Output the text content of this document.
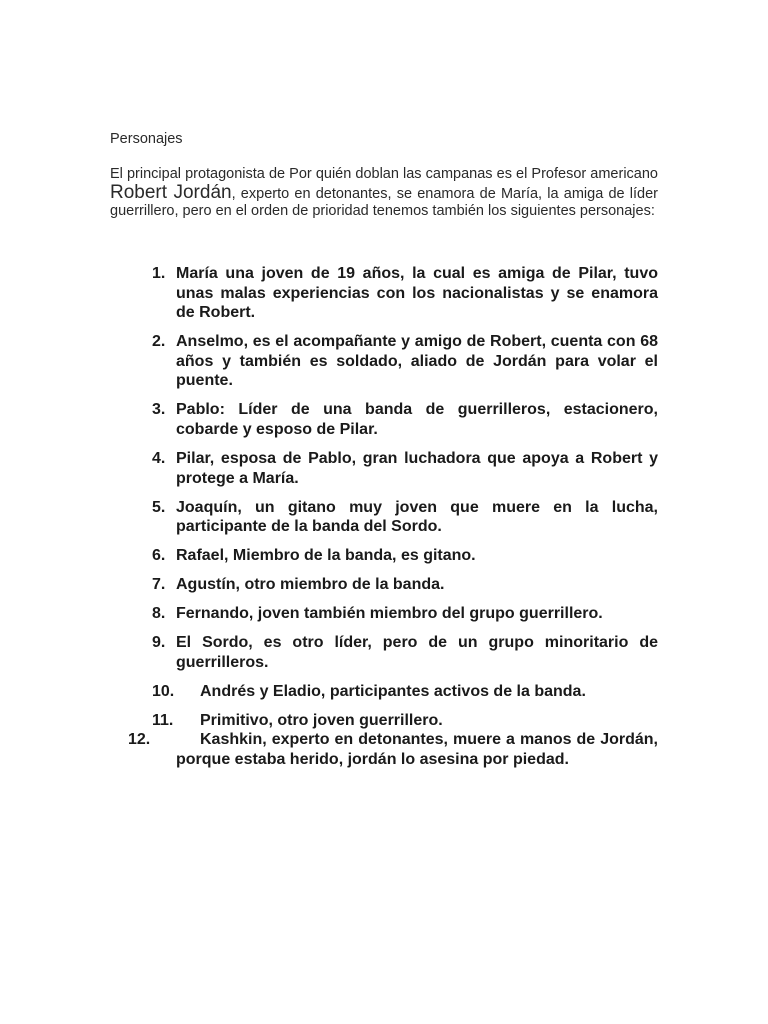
Personajes

El principal protagonista de Por quién doblan las campanas es el Profesor americano Robert Jordán, experto en detonantes, se enamora de María, la amiga de líder guerrillero, pero en el orden de prioridad tenemos también los siguientes personajes:

1. María una joven de 19 años, la cual es amiga de Pilar, tuvo unas malas experiencias con los nacionalistas y se enamora de Robert.
2. Anselmo, es el acompañante y amigo de Robert, cuenta con 68 años y también es soldado, aliado de Jordán para volar el puente.
3. Pablo: Líder de una banda de guerrilleros, estacionero, cobarde y esposo de Pilar.
4. Pilar, esposa de Pablo, gran luchadora que apoya a Robert y protege a María.
5. Joaquín, un gitano muy joven que muere en la lucha, participante de la banda del Sordo.
6. Rafael, Miembro de la banda, es gitano.
7. Agustín, otro miembro de la banda.
8. Fernando, joven también miembro del grupo guerrillero.
9. El Sordo, es otro líder, pero de un grupo minoritario de guerrilleros.
10. Andrés y Eladio, participantes activos de la banda.
11. Primitivo, otro joven guerrillero.
12.	Kashkin, experto en detonantes, muere a manos de Jordán, porque estaba herido, jordán lo asesina por piedad.
